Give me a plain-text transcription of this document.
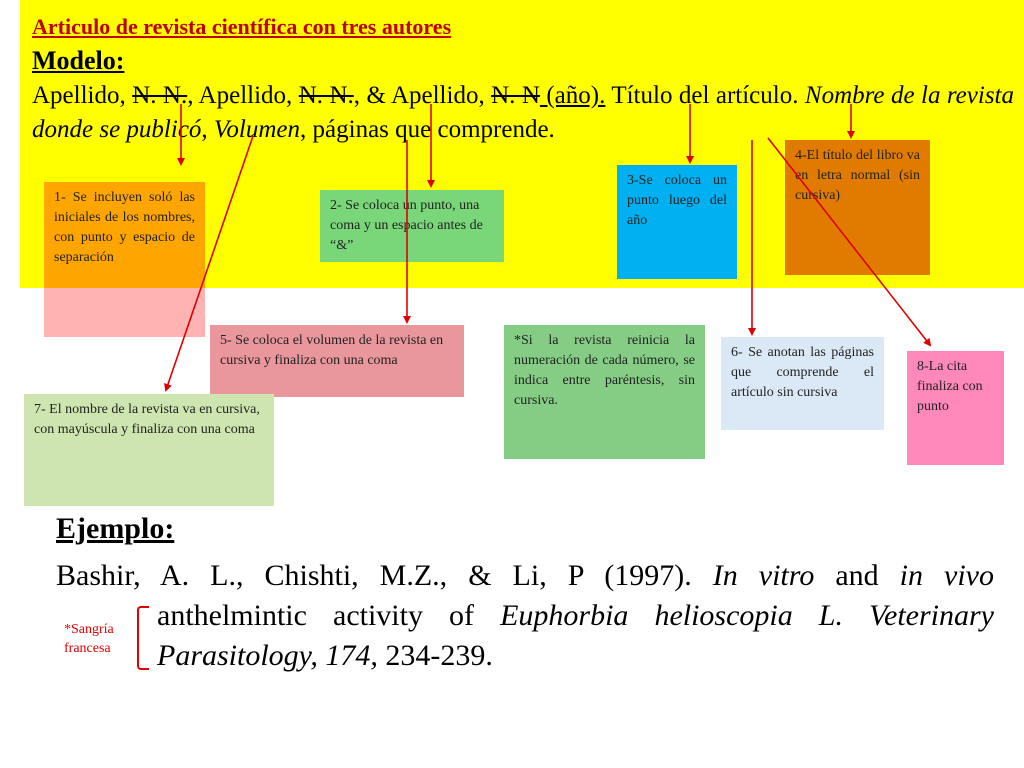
Articulo de revista científica con tres autores
Modelo:
Apellido, N. N., Apellido, N. N., & Apellido, N. N (año). Título del artículo. Nombre de la revista donde se publicó, Volumen, páginas que comprende.
1- Se incluyen soló las iniciales de los nombres, con punto y espacio de separación
2- Se coloca un punto, una coma y un espacio antes de “&”
3-Se coloca un punto luego del año
4-El título del libro va en letra normal (sin cursiva)
5- Se coloca el volumen de la revista en cursiva y finaliza con una coma
*Si la revista reinicia la numeración de cada número, se indica entre paréntesis, sin cursiva.
6- Se anotan las páginas que comprende el artículo sin cursiva
7- El nombre de la revista va en cursiva, con mayúscula y finaliza con una coma
8-La cita finaliza con punto
Ejemplo:
Bashir, A. L., Chishti, M.Z., & Li, P (1997). In vitro and in vivo
anthelmintic activity of Euphorbia helioscopia L. Veterinary
Parasitology, 174, 234-239.
*Sangría francesa
